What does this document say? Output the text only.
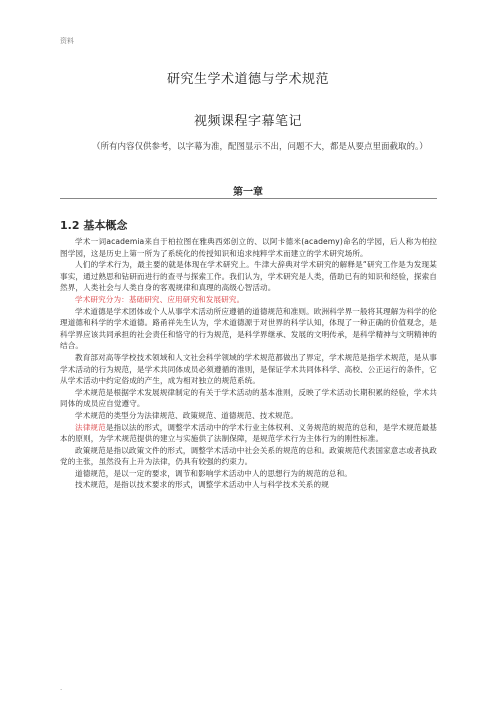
资料
研究生学术道德与学术规范
视频课程字幕笔记
（所有内容仅供参考，以字幕为准，配图显示不出，问题不大，都是从要点里面截取的。）
第一章
1.2 基本概念

学术一词academia来自于柏拉图在雅典西郊创立的、以阿卡德米(academy)命名的学园，后人称为柏拉图学园，这是历史上第一所为了系统化的传授知识和追求纯粹学术而建立的学术研究场所。

人们的学术行为，最主要的就是体现在学术研究上。牛津大辞典对学术研究的解释是“研究工作是为发现某事实，通过熟思和钻研而进行的查寻与探索工作。我们认为，学术研究是人类，借助已有的知识和经验，探索自然界，人类社会与人类自身的客观规律和真理的高级心智活动。

学术研究分为：基础研究、应用研究和发展研究。

学术道德是学术团体或个人从事学术活动所应遵循的道德规范和准则。欧洲科学界一般将其理解为科学的伦理道德和科学的学术道德。路甬祥先生认为，学术道德源于对世界的科学认知，体现了一种正确的价值观念，是科学界应该共同承担的社会责任和恪守的行为规范，是科学界继承、发展的文明传承，是科学精神与文明精神的结合。

教育部对高等学校技术领域和人文社会科学领域的学术规范都做出了界定，学术规范是指学术规范，是从事学术活动的行为规范，是学术共同体成员必须遵循的准则，是保证学术共同体科学、高校、公正运行的条件，它从学术活动中约定俗成的产生，成为相对独立的规范系统。

学术规范是根据学术发展规律制定的有关于学术活动的基本准则，反映了学术活动长期积累的经验，学术共同体的成员应自觉遵守。

学术规范的类型分为法律规范、政策规范、道德规范、技术规范。

法律规范是指以法的形式，调整学术活动中的学术行业主体权利、义务规范的规范的总和，是学术规范最基本的原则，为学术规范提供的建立与实施供了法制保障，是规范学术行为主体行为的刚性标准。

政策规范是指以政策文件的形式，调整学术活动中社会关系的规范的总和。政策规范代表国家意志或者执政党的主张，虽然没有上升为法律，仍具有较强的约束力。

道德规范，是以一定的要求，调节和影响学术活动中人的思想行为的规范的总和。

技术规范，是指以技术要求的形式，调整学术活动中人与科学技术关系的规

.
